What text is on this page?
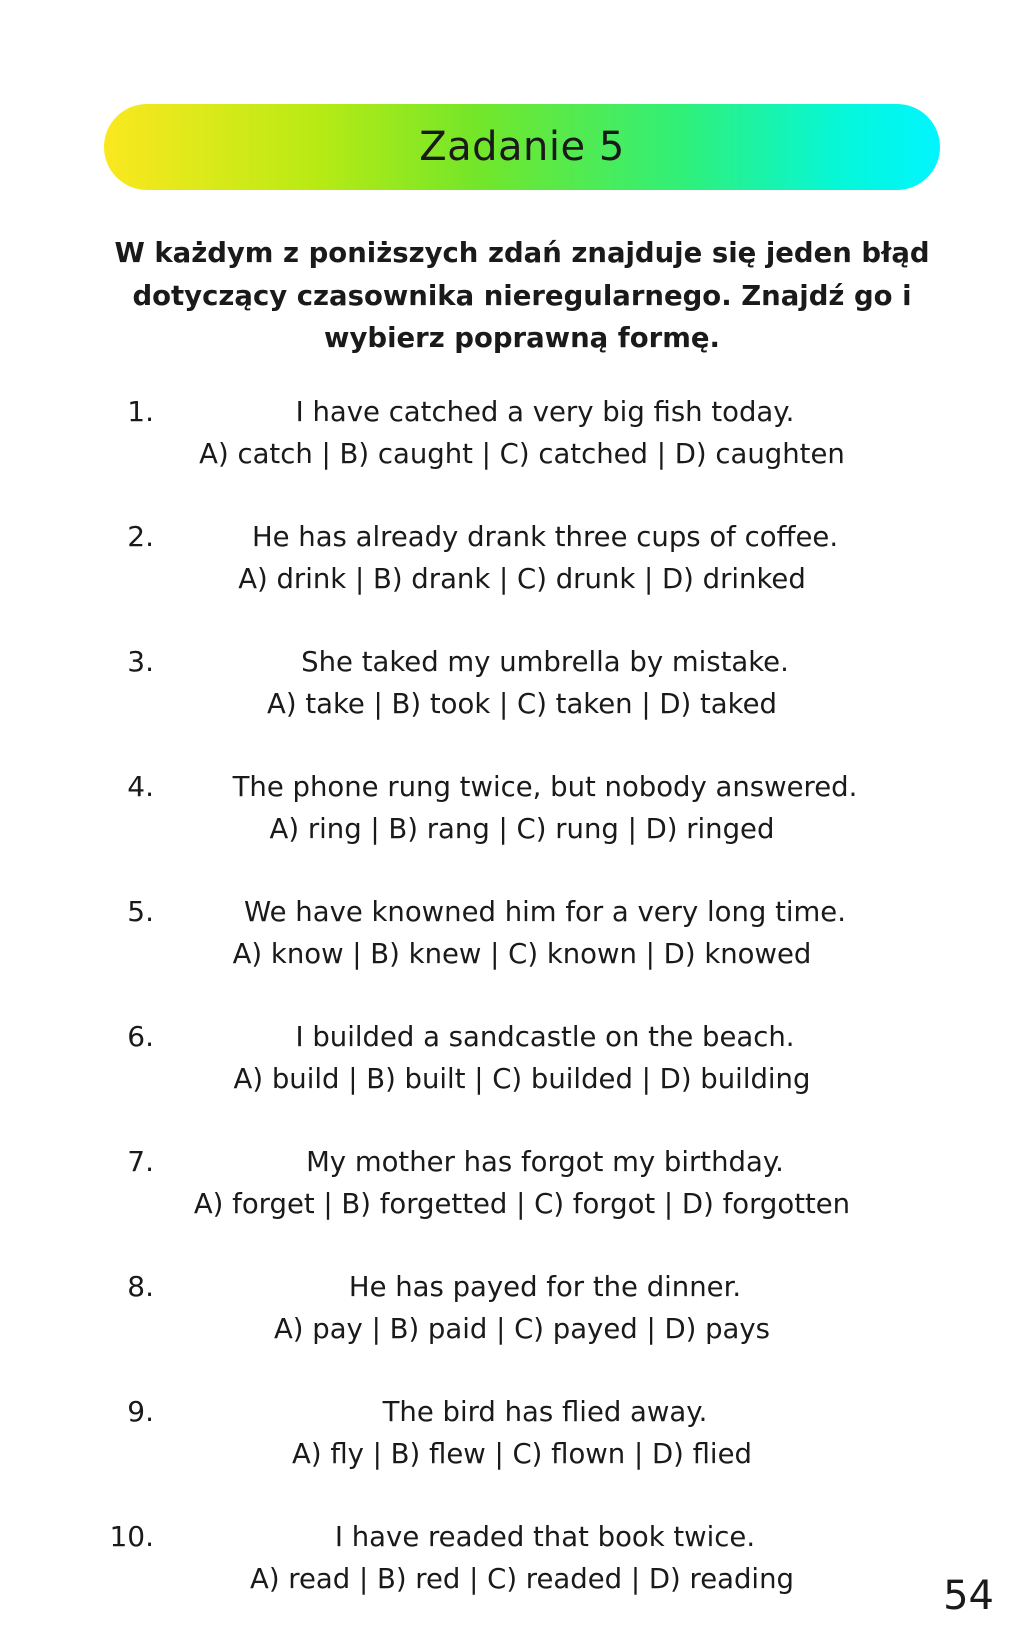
Zadanie 5
W każdym z poniższych zdań znajduje się jeden błąd dotyczący czasownika nieregularnego. Znajdź go i wybierz poprawną formę.
1.	I have catched a very big fish today.
A) catch | B) caught | C) catched | D) caughten
2.	He has already drank three cups of coffee.
A) drink | B) drank | C) drunk | D) drinked
3.	She taked my umbrella by mistake.
A) take | B) took | C) taken | D) taked
4.	The phone rung twice, but nobody answered.
A) ring | B) rang | C) rung | D) ringed
5.	We have knowned him for a very long time.
A) know | B) knew | C) known | D) knowed
6.	I builded a sandcastle on the beach.
A) build | B) built | C) builded | D) building
7.	My mother has forgot my birthday.
A) forget | B) forgetted | C) forgot | D) forgotten
8.	He has payed for the dinner.
A) pay | B) paid | C) payed | D) pays
9.	The bird has flied away.
A) fly | B) flew | C) flown | D) flied
10.	I have readed that book twice.
A) read | B) red | C) readed | D) reading	54
